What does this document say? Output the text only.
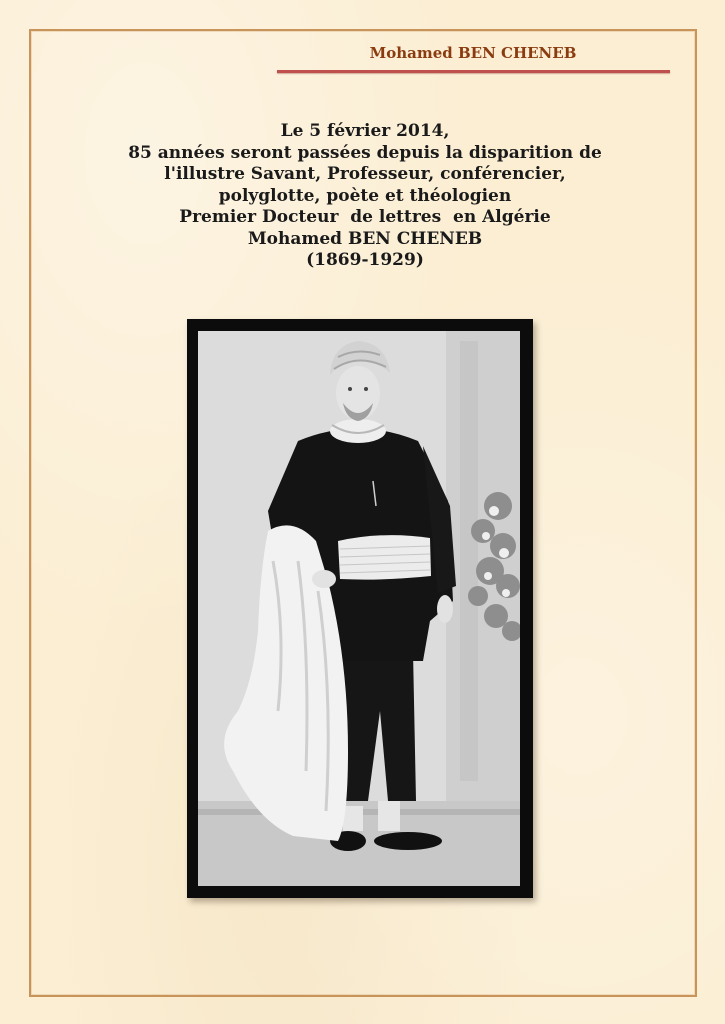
Mohamed BEN CHENEB
Le 5 février 2014,
85 années seront passées depuis la disparition de
l'illustre Savant, Professeur, conférencier,
polyglotte, poète et théologien
Premier Docteur  de lettres  en Algérie
Mohamed BEN CHENEB
(1869-1929)
